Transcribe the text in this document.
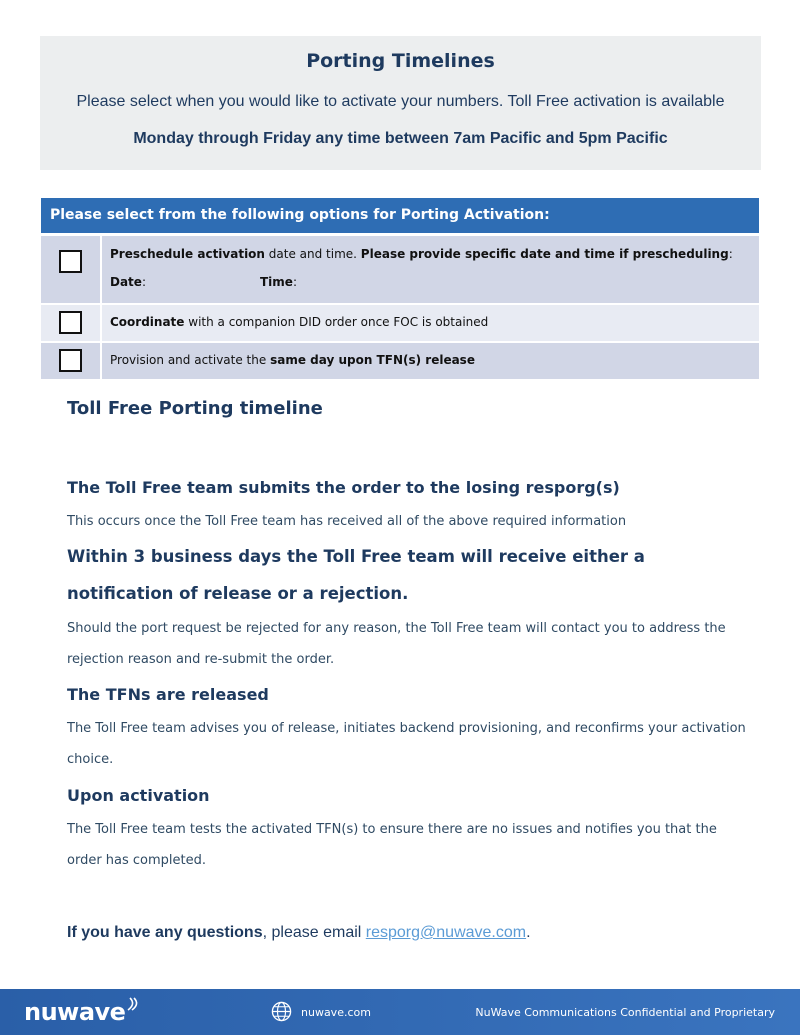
Porting Timelines
Please select when you would like to activate your numbers. Toll Free activation is available
Monday through Friday any time between 7am Pacific and 5pm Pacific
Please select from the following options for Porting Activation:
Preschedule activation date and time. Please provide specific date and time if prescheduling:
Date:	Time:
Coordinate with a companion DID order once FOC is obtained
Provision and activate the same day upon TFN(s) release
Toll Free Porting timeline
The Toll Free team submits the order to the losing resporg(s)
This occurs once the Toll Free team has received all of the above required information
Within 3 business days the Toll Free team will receive either a notification of release or a rejection.
Should the port request be rejected for any reason, the Toll Free team will contact you to address the rejection reason and re-submit the order.
The TFNs are released
The Toll Free team advises you of release, initiates backend provisioning, and reconfirms your activation choice.
Upon activation
The Toll Free team tests the activated TFN(s) to ensure there are no issues and notifies you that the order has completed.
If you have any questions, please email resporg@nuwave.com.
nuwave	nuwave.com	NuWave Communications Confidential and Proprietary
